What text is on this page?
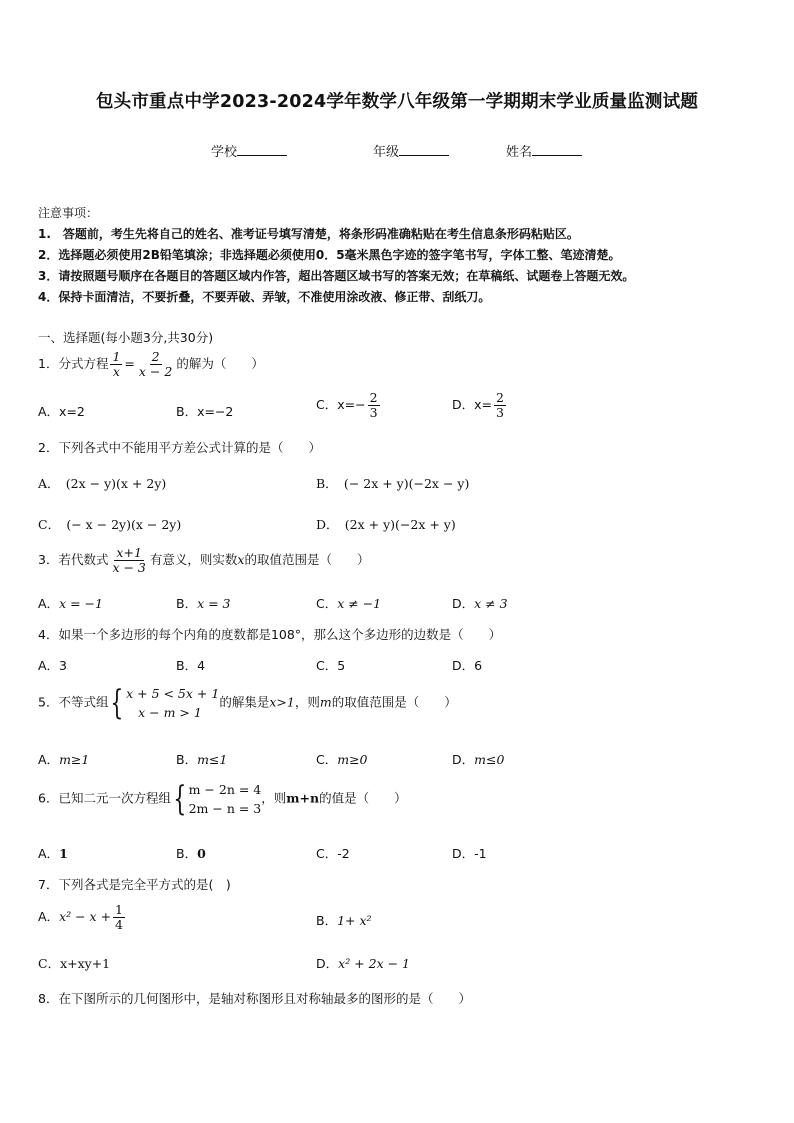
包头市重点中学2023-2024学年数学八年级第一学期期末学业质量监测试题
学校	年级	姓名
注意事项：
1.　答题前，考生先将自己的姓名、准考证号填写清楚，将条形码准确粘贴在考生信息条形码粘贴区。
2．选择题必须使用2B铅笔填涂；非选择题必须使用0．5毫米黑色字迹的签字笔书写，字体工整、笔迹清楚。
3．请按照题号顺序在各题目的答题区域内作答，超出答题区域书写的答案无效；在草稿纸、试题卷上答题无效。
4．保持卡面清洁，不要折叠，不要弄破、弄皱，不准使用涂改液、修正带、刮纸刀。
一、选择题(每小题3分,共30分)
1．分式方程 $\frac{1}{x} = \frac{2}{x - 2}$ 的解为（　　）
A．x=2	B．x=−2	C．$x=- \frac{2}{3}$	D．$x= \frac{2}{3}$
2．下列各式中不能用平方差公式计算的是（　　）
A．　(2x − y)(x + 2y)	B．　(− 2x + y)(−2x − y)
C．　(− x − 2y)(x − 2y)	D．　(2x + y)(−2x + y)
3．若代数式 $\frac{x+1}{x - 3}$ 有意义，则实数x的取值范围是（　　）
A．x = −1	B．x = 3	C．x ≠ −1	D．x ≠ 3
4．如果一个多边形的每个内角的度数都是108°，那么这个多边形的边数是（　　）
A．3	B．4	C．5	D．6
5．不等式组{ x + 5 < 5x + 1
x − m > 1
的解集是x>1，则m的取值范围是（　　）
A．m≥1	B．m≤1	C．m≥0	D．m≤0
6．已知二元一次方程组{ m − 2n = 4
2m − n = 3
，则m+n的值是（　　）
A．1	B．0	C．-2	D．-1
7．下列各式是完全平方式的是(　)
A．$x^2 - x + \frac{1}{4}$	B．1+ x²
C．x+xy+1	D．x² + 2x − 1
8．在下图所示的几何图形中，是轴对称图形且对称轴最多的图形的是（　　）
